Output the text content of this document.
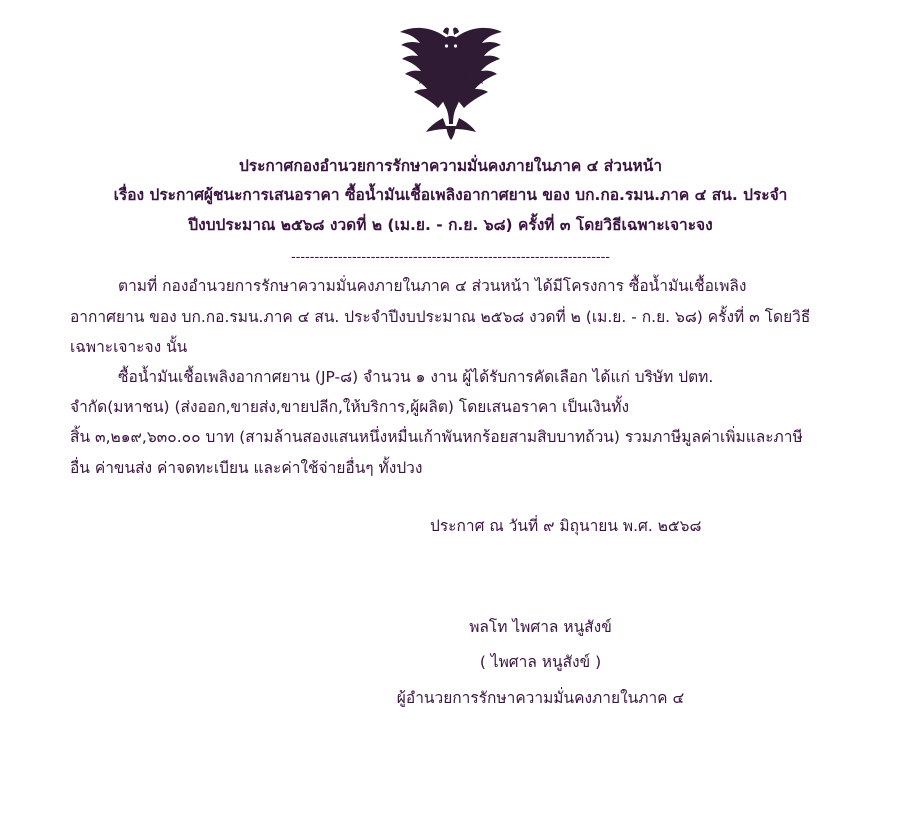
ประกาศกองอำนวยการรักษาความมั่นคงภายในภาค ๔ ส่วนหน้า
เรื่อง ประกาศผู้ชนะการเสนอราคา ซื้อน้ำมันเชื้อเพลิงอากาศยาน ของ บก.กอ.รมน.ภาค ๔ สน. ประจำ
ปีงบประมาณ ๒๕๖๘ งวดที่ ๒ (เม.ย. - ก.ย. ๖๘) ครั้งที่ ๓ โดยวิธีเฉพาะเจาะจง
--------------------------------------------------------------------

ตามที่ กองอำนวยการรักษาความมั่นคงภายในภาค ๔ ส่วนหน้า ได้มีโครงการ ซื้อน้ำมันเชื้อเพลิง
อากาศยาน ของ บก.กอ.รมน.ภาค ๔ สน. ประจำปีงบประมาณ ๒๕๖๘ งวดที่ ๒ (เม.ย. - ก.ย. ๖๘) ครั้งที่ ๓ โดยวิธี
เฉพาะเจาะจง นั้น

ซื้อน้ำมันเชื้อเพลิงอากาศยาน (JP-๘) จำนวน ๑ งาน ผู้ได้รับการคัดเลือก ได้แก่ บริษัท ปตท.
จำกัด(มหาชน) (ส่งออก,ขายส่ง,ขายปลีก,ให้บริการ,ผู้ผลิต) โดยเสนอราคา เป็นเงินทั้ง
สิ้น ๓,๒๑๙,๖๓๐.๐๐ บาท (สามล้านสองแสนหนึ่งหมื่นเก้าพันหกร้อยสามสิบบาทถ้วน) รวมภาษีมูลค่าเพิ่มและภาษี
อื่น ค่าขนส่ง ค่าจดทะเบียน และค่าใช้จ่ายอื่นๆ ทั้งปวง

ประกาศ ณ วันที่ ๙ มิถุนายน พ.ศ. ๒๕๖๘
พลโท ไพศาล หนูสังข์
( ไพศาล หนูสังข์ )
ผู้อำนวยการรักษาความมั่นคงภายในภาค ๔
